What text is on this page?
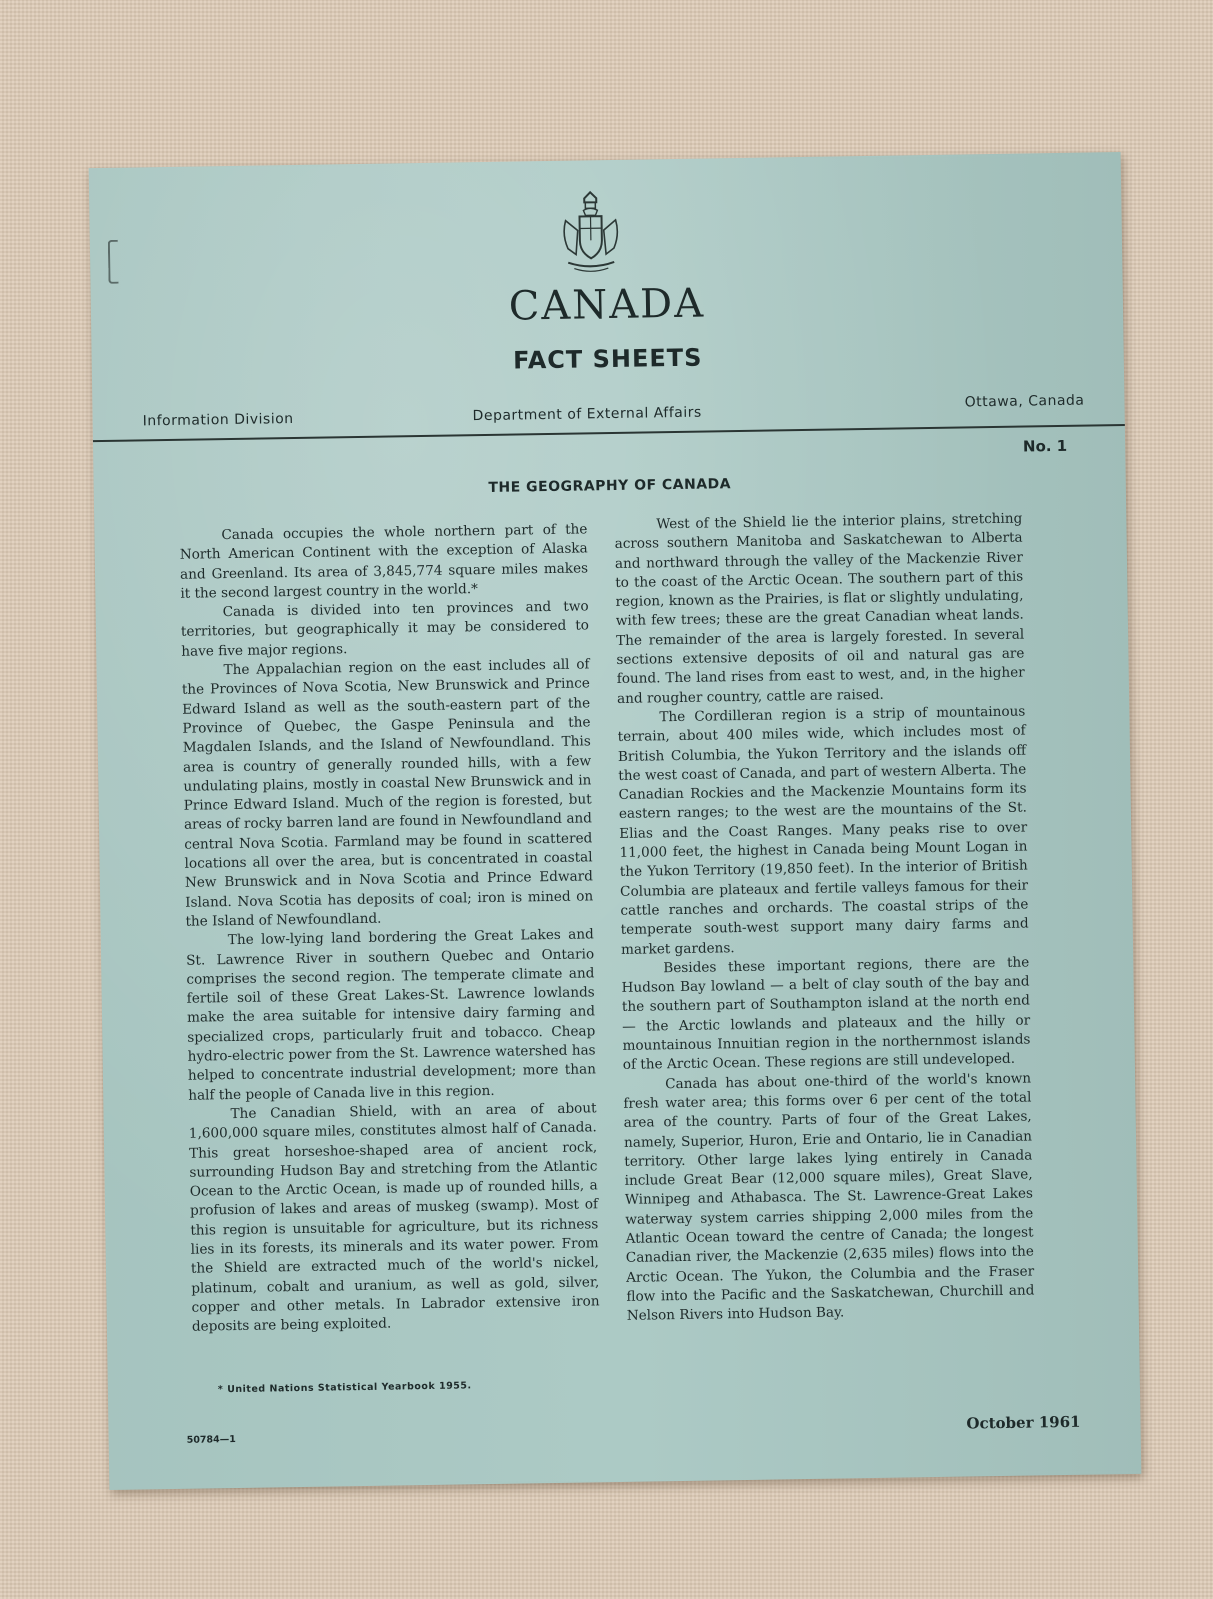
CANADA
FACT SHEETS
Information Division	Department of External Affairs
Ottawa, Canada
No. 1
THE GEOGRAPHY OF CANADA

Canada occupies the whole northern part of the North American Continent with the exception of Alaska and Greenland. Its area of 3,845,774 square miles makes it the second largest country in the world.*

Canada is divided into ten provinces and two territories, but geographically it may be considered to have five major regions.

The Appalachian region on the east includes all of the Provinces of Nova Scotia, New Brunswick and Prince Edward Island as well as the south-eastern part of the Province of Quebec, the Gaspe Peninsula and the Magdalen Islands, and the Island of Newfoundland. This area is country of generally rounded hills, with a few undulating plains, mostly in coastal New Brunswick and in Prince Edward Island. Much of the region is forested, but areas of rocky barren land are found in Newfoundland and central Nova Scotia. Farmland may be found in scattered locations all over the area, but is concentrated in coastal New Brunswick and in Nova Scotia and Prince Edward Island. Nova Scotia has deposits of coal; iron is mined on the Island of Newfoundland.

The low-lying land bordering the Great Lakes and St. Lawrence River in southern Quebec and Ontario comprises the second region. The temperate climate and fertile soil of these Great Lakes-St. Lawrence lowlands make the area suitable for intensive dairy farming and specialized crops, particularly fruit and tobacco. Cheap hydro-electric power from the St. Lawrence watershed has helped to concentrate industrial development; more than half the people of Canada live in this region.

The Canadian Shield, with an area of about 1,600,000 square miles, constitutes almost half of Canada. This great horseshoe-shaped area of ancient rock, surrounding Hudson Bay and stretching from the Atlantic Ocean to the Arctic Ocean, is made up of rounded hills, a profusion of lakes and areas of muskeg (swamp). Most of this region is unsuitable for agriculture, but its richness lies in its forests, its minerals and its water power. From the Shield are extracted much of the world's nickel, platinum, cobalt and uranium, as well as gold, silver, copper and other metals. In Labrador extensive iron deposits are being exploited.

West of the Shield lie the interior plains, stretching across southern Manitoba and Saskatchewan to Alberta and northward through the valley of the Mackenzie River to the coast of the Arctic Ocean. The southern part of this region, known as the Prairies, is flat or slightly undulating, with few trees; these are the great Canadian wheat lands. The remainder of the area is largely forested. In several sections extensive deposits of oil and natural gas are found. The land rises from east to west, and, in the higher and rougher country, cattle are raised.

The Cordilleran region is a strip of mountainous terrain, about 400 miles wide, which includes most of British Columbia, the Yukon Territory and the islands off the west coast of Canada, and part of western Alberta. The Canadian Rockies and the Mackenzie Mountains form its eastern ranges; to the west are the mountains of the St. Elias and the Coast Ranges. Many peaks rise to over 11,000 feet, the highest in Canada being Mount Logan in the Yukon Territory (19,850 feet). In the interior of British Columbia are plateaux and fertile valleys famous for their cattle ranches and orchards. The coastal strips of the temperate south-west support many dairy farms and market gardens.

Besides these important regions, there are the Hudson Bay lowland — a belt of clay south of the bay and the southern part of Southampton island at the north end — the Arctic lowlands and plateaux and the hilly or mountainous Innuitian region in the northernmost islands of the Arctic Ocean. These regions are still undeveloped.

Canada has about one-third of the world's known fresh water area; this forms over 6 per cent of the total area of the country. Parts of four of the Great Lakes, namely, Superior, Huron, Erie and Ontario, lie in Canadian territory. Other large lakes lying entirely in Canada include Great Bear (12,000 square miles), Great Slave, Winnipeg and Athabasca. The St. Lawrence-Great Lakes waterway system carries shipping 2,000 miles from the Atlantic Ocean toward the centre of Canada; the longest Canadian river, the Mackenzie (2,635 miles) flows into the Arctic Ocean. The Yukon, the Columbia and the Fraser flow into the Pacific and the Saskatchewan, Churchill and Nelson Rivers into Hudson Bay.

* United Nations Statistical Yearbook 1955.
50784—1
October 1961
